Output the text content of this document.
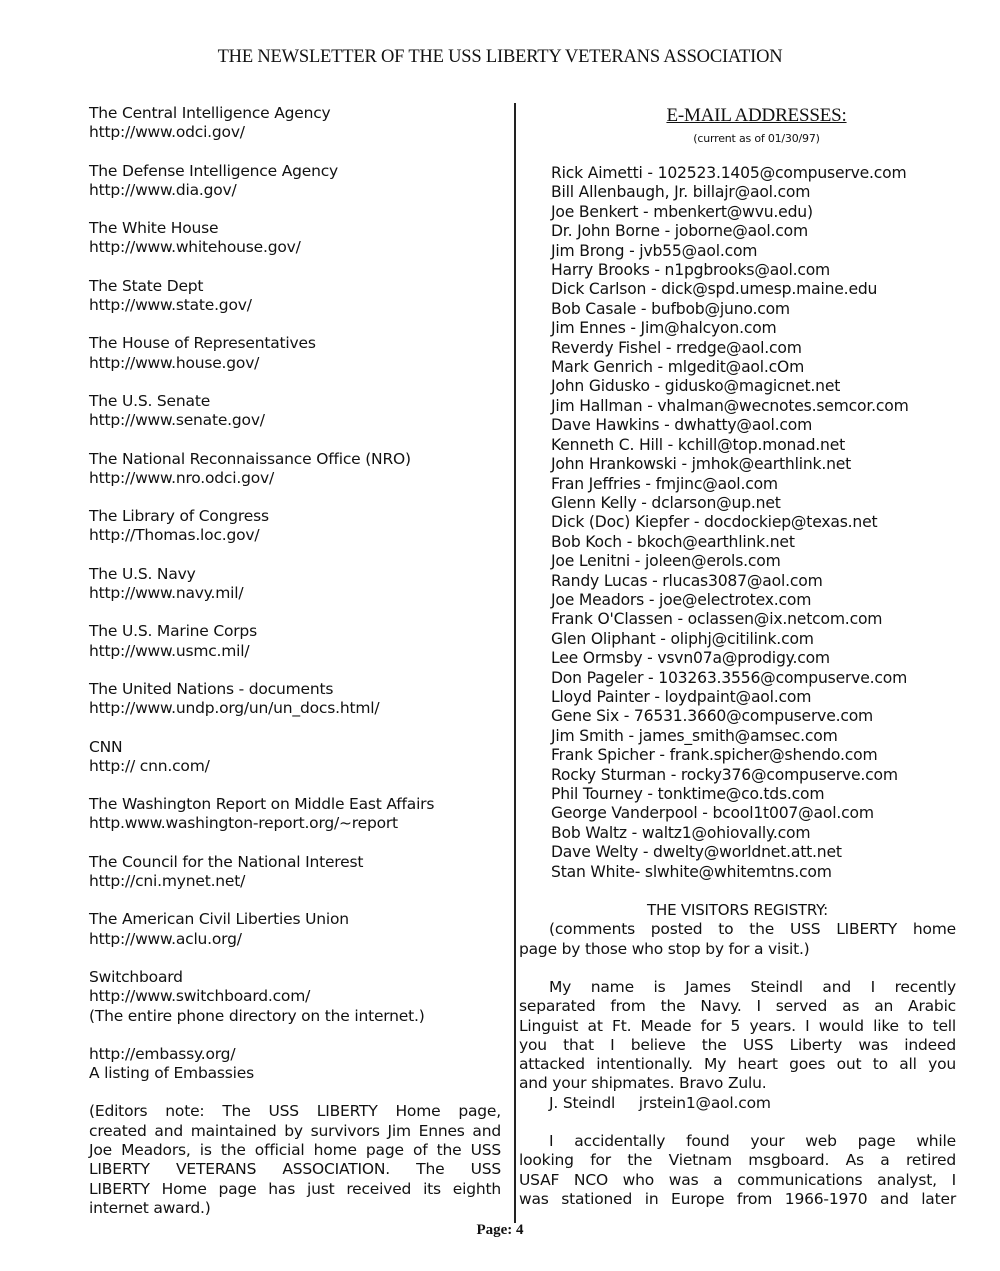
THE NEWSLETTER OF THE USS LIBERTY VETERANS ASSOCIATION
The Central Intelligence Agency
http://www.odci.gov/
The Defense Intelligence Agency
http://www.dia.gov/
The White House
http://www.whitehouse.gov/
The State Dept
http://www.state.gov/
The House of Representatives
http://www.house.gov/
The U.S. Senate
http://www.senate.gov/
The National Reconnaissance Office (NRO)
http://www.nro.odci.gov/
The Library of Congress
http://Thomas.loc.gov/
The U.S. Navy
http://www.navy.mil/
The U.S. Marine Corps
http://www.usmc.mil/
The United Nations - documents
http://www.undp.org/un/un_docs.html/
CNN
http:// cnn.com/
The Washington Report on Middle East Affairs
http.www.washington-report.org/~report
The Council for the National Interest
http://cni.mynet.net/
The American Civil Liberties Union
http://www.aclu.org/
Switchboard
http://www.switchboard.com/
(The entire phone directory on the internet.)
http://embassy.org/
A listing of Embassies
(Editors note: The USS LIBERTY Home page,
created and maintained by survivors Jim Ennes and
Joe Meadors, is the official home page of the USS
LIBERTY VETERANS ASSOCIATION. The USS
LIBERTY Home page has just received its eighth
internet award.)
E-MAIL ADDRESSES:
(current as of 01/30/97)
Rick Aimetti - 102523.1405@compuserve.com
Bill Allenbaugh, Jr. billajr@aol.com
Joe Benkert - mbenkert@wvu.edu)
Dr. John Borne - joborne@aol.com
Jim Brong - jvb55@aol.com
Harry Brooks - n1pgbrooks@aol.com
Dick Carlson - dick@spd.umesp.maine.edu
Bob Casale - bufbob@juno.com
Jim Ennes - Jim@halcyon.com
Reverdy Fishel - rredge@aol.com
Mark Genrich - mlgedit@aol.cOm
John Gidusko - gidusko@magicnet.net
Jim Hallman - vhalman@wecnotes.semcor.com
Dave Hawkins - dwhatty@aol.com
Kenneth C. Hill - kchill@top.monad.net
John Hrankowski - jmhok@earthlink.net
Fran Jeffries - fmjinc@aol.com
Glenn Kelly - dclarson@up.net
Dick (Doc) Kiepfer - docdockiep@texas.net
Bob Koch - bkoch@earthlink.net
Joe Lenitni - joleen@erols.com
Randy Lucas - rlucas3087@aol.com
Joe Meadors - joe@electrotex.com
Frank O'Classen - oclassen@ix.netcom.com
Glen Oliphant - oliphj@citilink.com
Lee Ormsby - vsvn07a@prodigy.com
Don Pageler - 103263.3556@compuserve.com
Lloyd Painter - loydpaint@aol.com
Gene Six - 76531.3660@compuserve.com
Jim Smith - james_smith@amsec.com
Frank Spicher - frank.spicher@shendo.com
Rocky Sturman - rocky376@compuserve.com
Phil Tourney - tonktime@co.tds.com
George Vanderpool - bcool1t007@aol.com
Bob Waltz - waltz1@ohiovally.com
Dave Welty - dwelty@worldnet.att.net
Stan White- slwhite@whitemtns.com
THE VISITORS REGISTRY:
(comments posted to the USS LIBERTY home
page by those who stop by for a visit.)
My name is James Steindl and I recently
separated from the Navy. I served as an Arabic
Linguist at Ft. Meade for 5 years. I would like to tell
you that I believe the USS Liberty was indeed
attacked intentionally. My heart goes out to all you
and your shipmates. Bravo Zulu.
J. Steindl     jrstein1@aol.com
I accidentally found your web page while
looking for the Vietnam msgboard. As a retired
USAF NCO who was a communications analyst, I
was stationed in Europe from 1966-1970 and later
Page: 4
